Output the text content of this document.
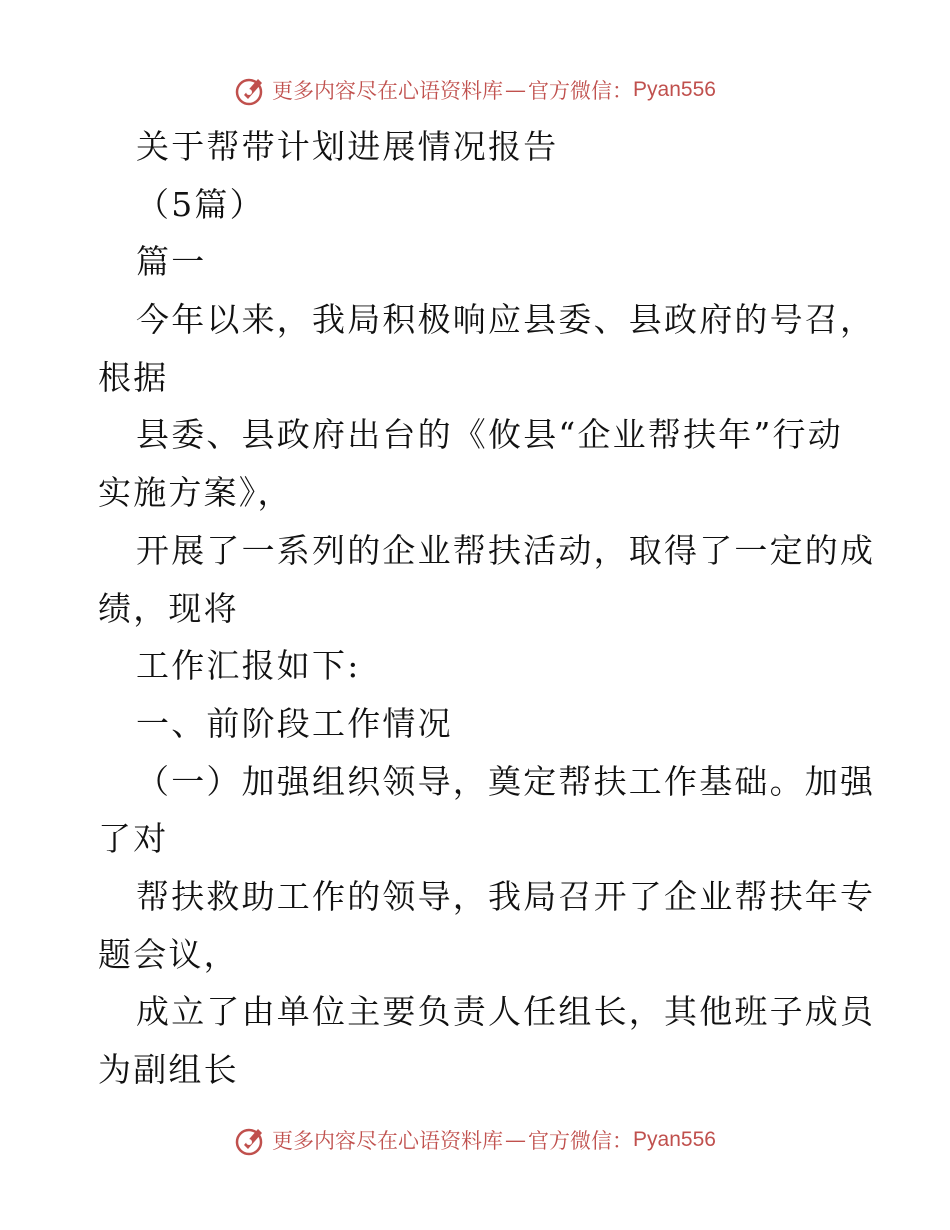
更多内容尽在心语资料库 — 官方微信： Pyan556
关于帮带计划进展情况报告
（5篇）
篇一
今年以来，我局积极响应县委、县政府的号召，
根据
县委、县政府出台的《攸县“企业帮扶年”行动
实施方案》，
开展了一系列的企业帮扶活动，取得了一定的成
绩，现将
工作汇报如下:
一、前阶段工作情况
（一）加强组织领导，奠定帮扶工作基础。加强
了对
帮扶救助工作的领导，我局召开了企业帮扶年专
题会议，
成立了由单位主要负责人任组长，其他班子成员
为副组长
更多内容尽在心语资料库 — 官方微信： Pyan556
